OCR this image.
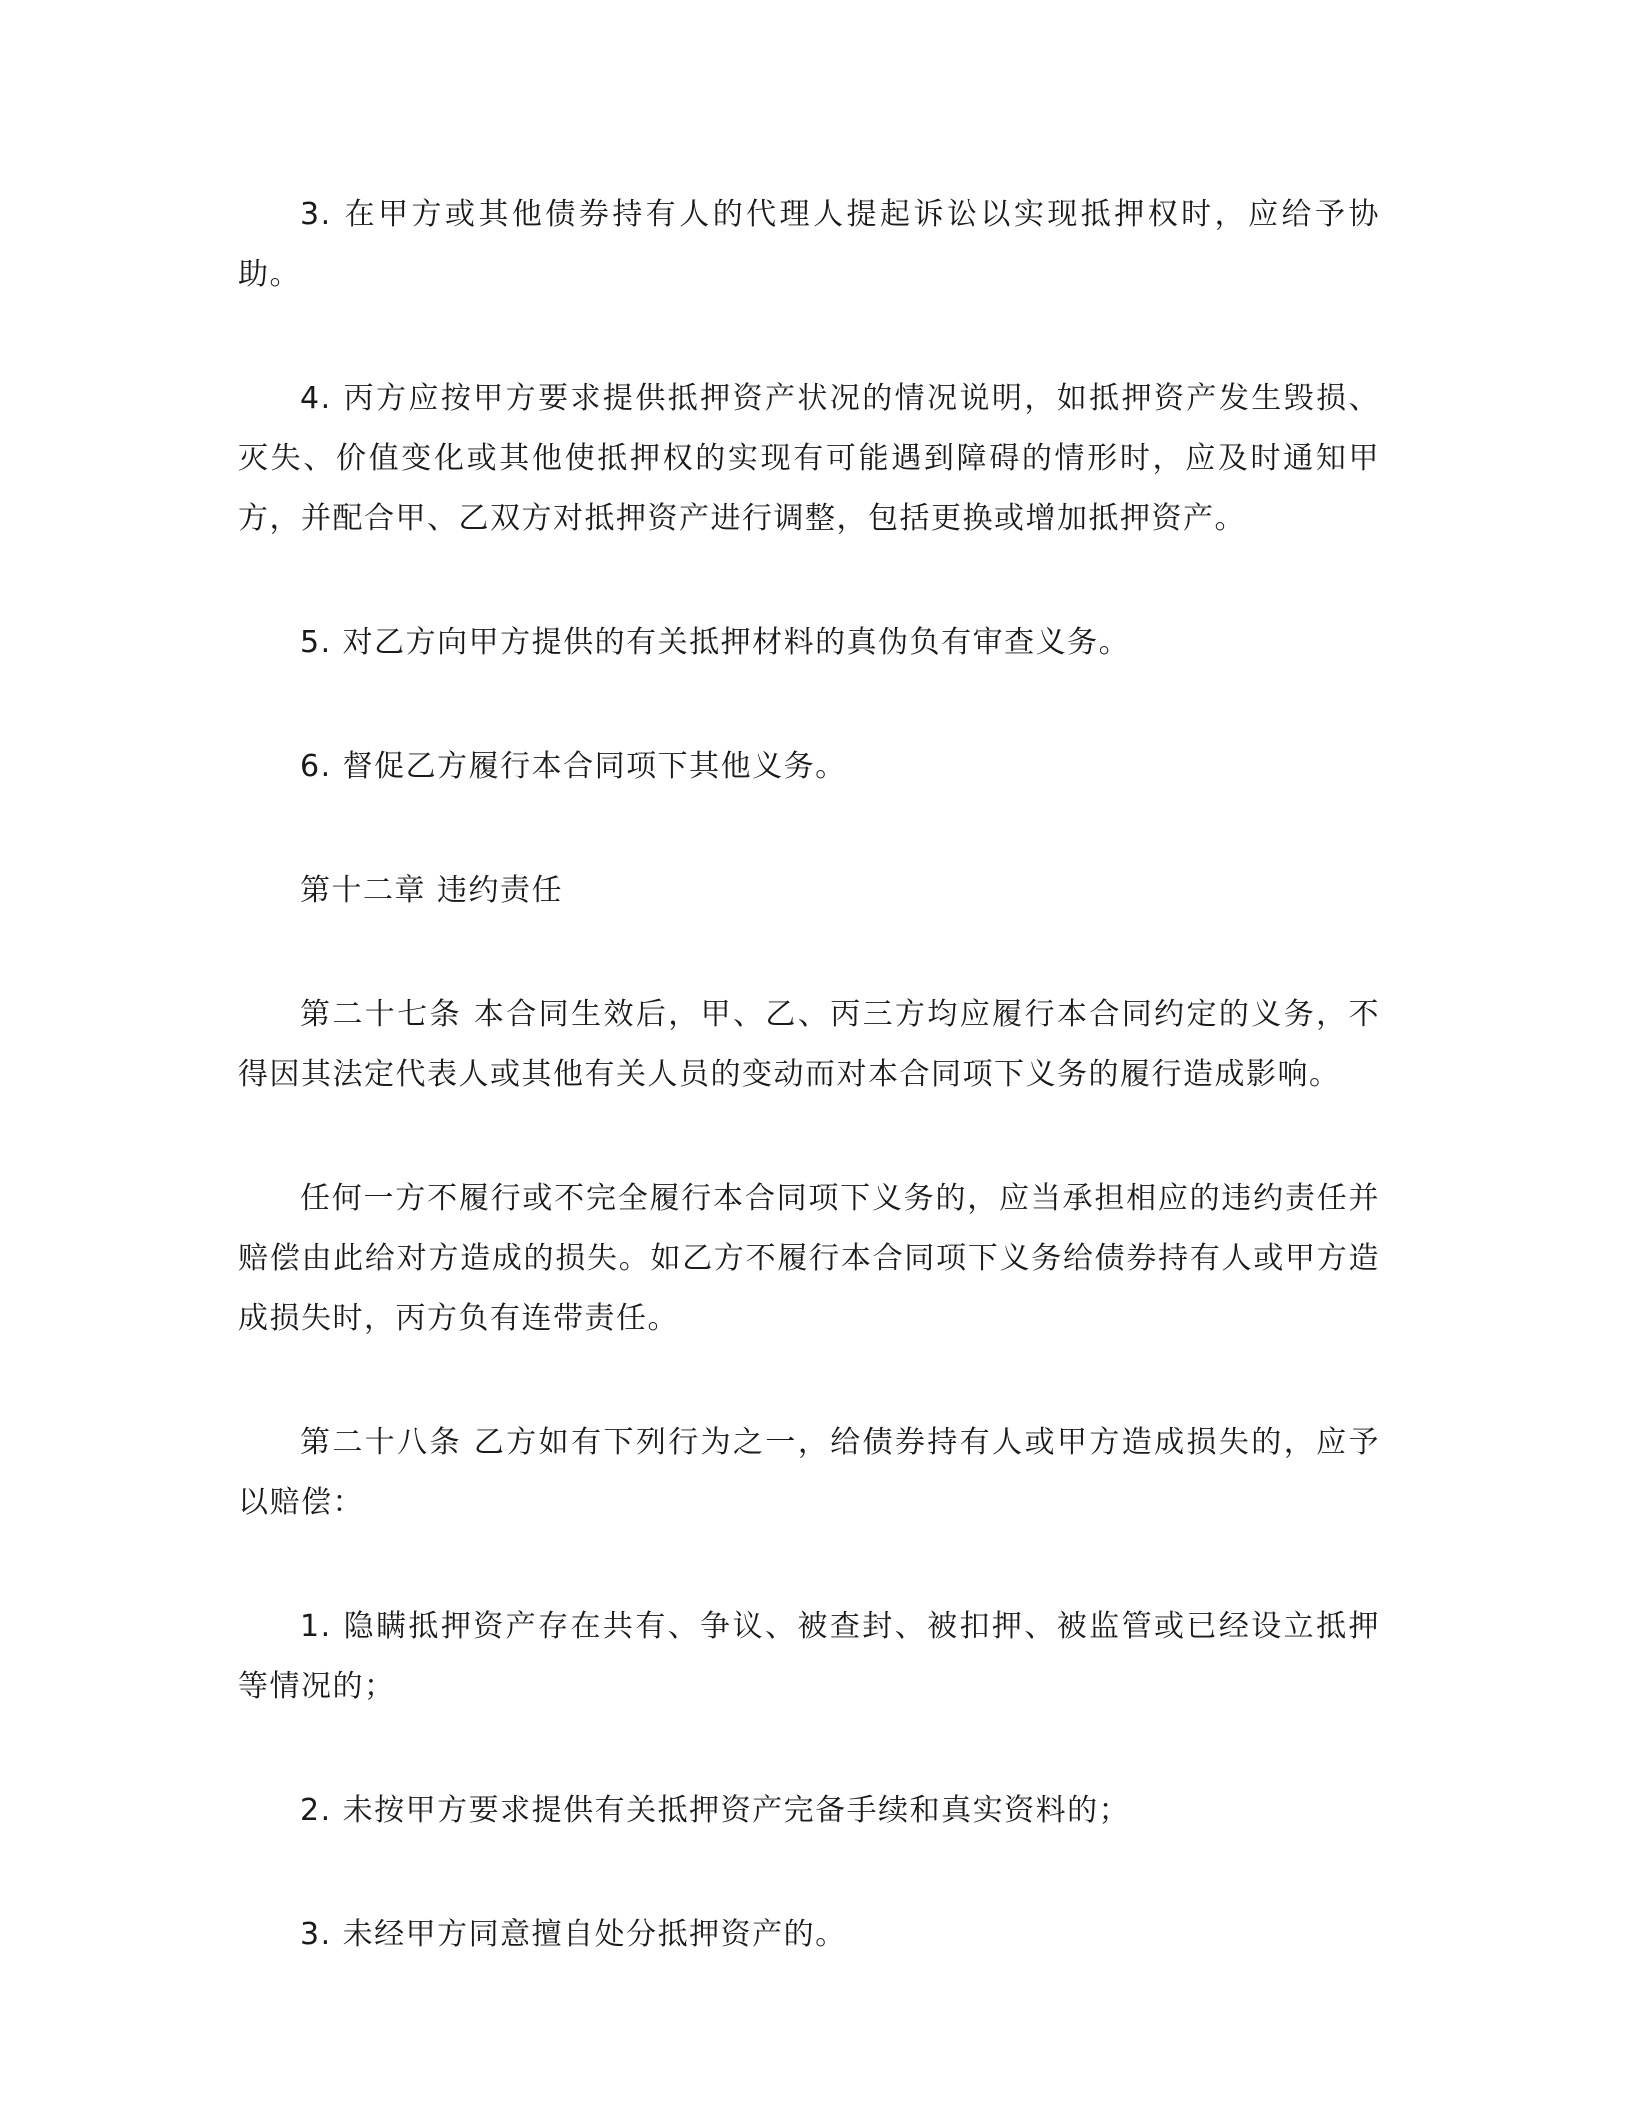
3. 在甲方或其他债券持有人的代理人提起诉讼以实现抵押权时，应给予协助。

4. 丙方应按甲方要求提供抵押资产状况的情况说明，如抵押资产发生毁损、灭失、价值变化或其他使抵押权的实现有可能遇到障碍的情形时，应及时通知甲方，并配合甲、乙双方对抵押资产进行调整，包括更换或增加抵押资产。

5. 对乙方向甲方提供的有关抵押材料的真伪负有审查义务。

6. 督促乙方履行本合同项下其他义务。

第十二章 违约责任

第二十七条 本合同生效后，甲、乙、丙三方均应履行本合同约定的义务，不得因其法定代表人或其他有关人员的变动而对本合同项下义务的履行造成影响。

任何一方不履行或不完全履行本合同项下义务的，应当承担相应的违约责任并赔偿由此给对方造成的损失。如乙方不履行本合同项下义务给债券持有人或甲方造成损失时，丙方负有连带责任。

第二十八条 乙方如有下列行为之一，给债券持有人或甲方造成损失的，应予以赔偿：

1. 隐瞒抵押资产存在共有、争议、被查封、被扣押、被监管或已经设立抵押等情况的；

2. 未按甲方要求提供有关抵押资产完备手续和真实资料的；

3. 未经甲方同意擅自处分抵押资产的。
